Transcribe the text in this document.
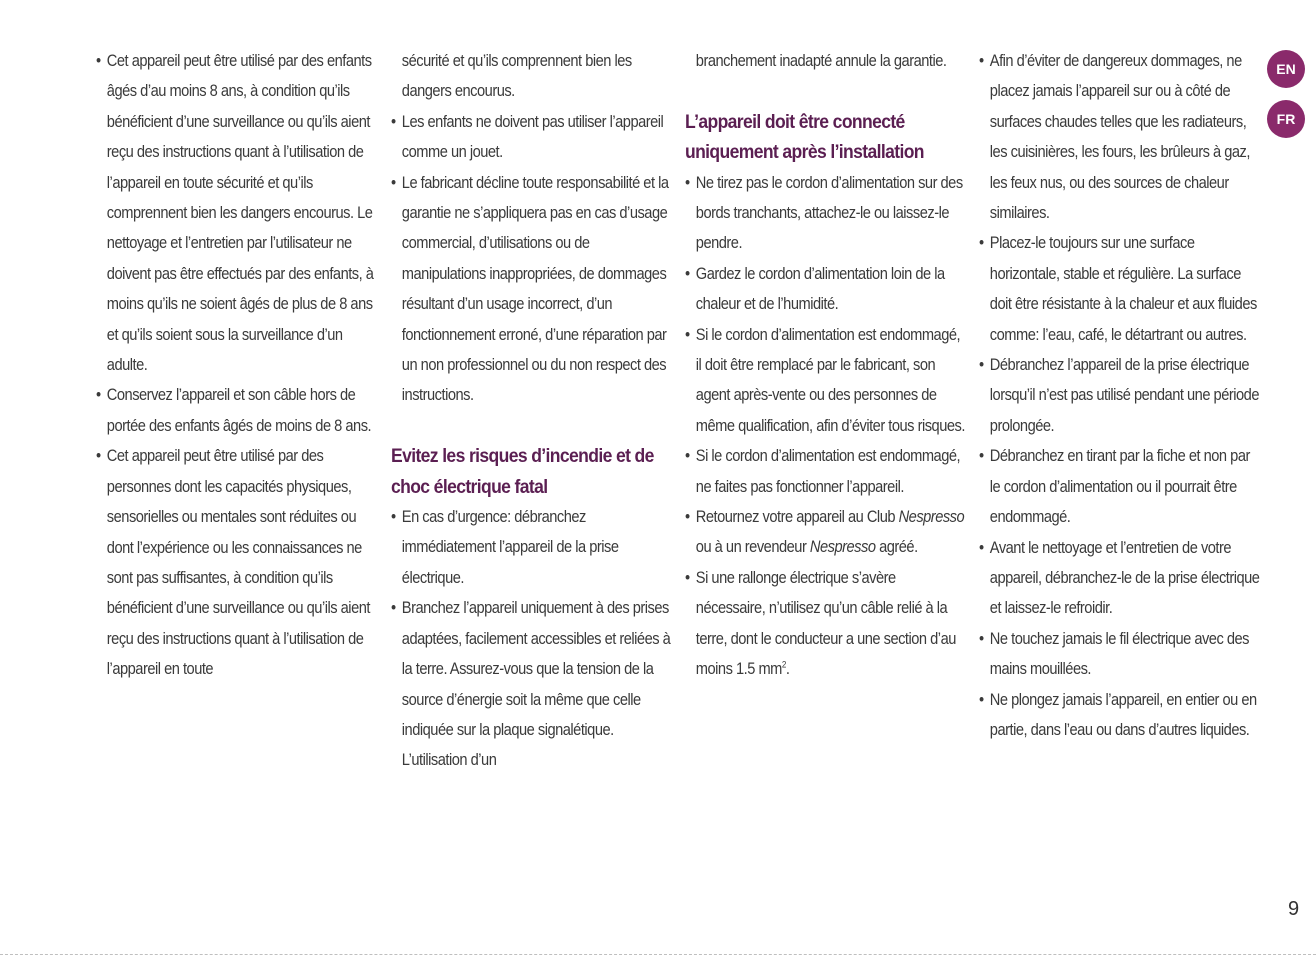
• Cet appareil peut être utilisé par des enfants âgés d’au moins 8 ans, à condition qu’ils bénéficient d’une surveillance ou qu’ils aient reçu des instructions quant à l’utilisation de l’appareil en toute sécurité et qu’ils comprennent bien les dangers encourus. Le nettoyage et l’entretien par l’utilisateur ne doivent pas être effectués par des enfants, à moins qu’ils ne soient âgés de plus de 8 ans et qu’ils soient sous la surveillance d’un adulte.
• Conservez l’appareil et son câble hors de portée des enfants âgés de moins de 8 ans.
• Cet appareil peut être utilisé par des personnes dont les capacités physiques, sensorielles ou mentales sont réduites ou dont l’expérience ou les connaissances ne sont pas suffisantes, à condition qu’ils bénéficient d’une surveillance ou qu’ils aient reçu des instructions quant à l’utilisation de l’appareil en toute

sécurité et qu’ils comprennent bien les dangers encourus.

• Les enfants ne doivent pas utiliser l’appareil comme un jouet.
• Le fabricant décline toute responsabilité et la garantie ne s’appliquera pas en cas d’usage commercial, d’utilisations ou de manipulations inappropriées, de dommages résultant d’un usage incorrect, d’un fonctionnement erroné, d’une réparation par un non professionnel ou du non respect des instructions.
Evitez les risques d’incendie et de choc électrique fatal
• En cas d’urgence: débranchez immédiatement l’appareil de la prise électrique.
• Branchez l’appareil uniquement à des prises adaptées, facilement accessibles et reliées à la terre. Assurez-vous que la tension de la source d’énergie soit la même que celle indiquée sur la plaque signalétique. L’utilisation d’un

branchement inadapté annule la garantie.

L’appareil doit être connecté uniquement après l’installation
• Ne tirez pas le cordon d’alimentation sur des bords tranchants, attachez-le ou laissez-le pendre.
• Gardez le cordon d’alimentation loin de la chaleur et de l’humidité.
• Si le cordon d’alimentation est endommagé, il doit être remplacé par le fabricant, son agent après-vente ou des personnes de même qualification, afin d’éviter tous risques.
• Si le cordon d’alimentation est endommagé, ne faites pas fonctionner l’appareil.
• Retournez votre appareil au Club Nespresso ou à un revendeur Nespresso agréé.
• Si une rallonge électrique s’avère nécessaire, n’utilisez qu’un câble relié à la terre, dont le conducteur a une section d’au moins 1.5 $mm^2$.
• Afin d’éviter de dangereux dommages, ne placez jamais l’appareil sur ou à côté de surfaces chaudes telles que les radiateurs, les cuisinières, les fours, les brûleurs à gaz, les feux nus, ou des sources de chaleur similaires.
• Placez-le toujours sur une surface horizontale, stable et régulière. La surface doit être résistante à la chaleur et aux fluides comme: l’eau, café, le détartrant ou autres.
• Débranchez l’appareil de la prise électrique lorsqu’il n’est pas utilisé pendant une période prolongée.
• Débranchez en tirant par la fiche et non par le cordon d’alimentation ou il pourrait être endommagé.
• Avant le nettoyage et l’entretien de votre appareil, débranchez-le de la prise électrique et laissez-le refroidir.
• Ne touchez jamais le fil électrique avec des mains mouillées.
• Ne plongez jamais l’appareil, en entier ou en partie, dans l’eau ou dans d’autres liquides.
EN
FR
9
